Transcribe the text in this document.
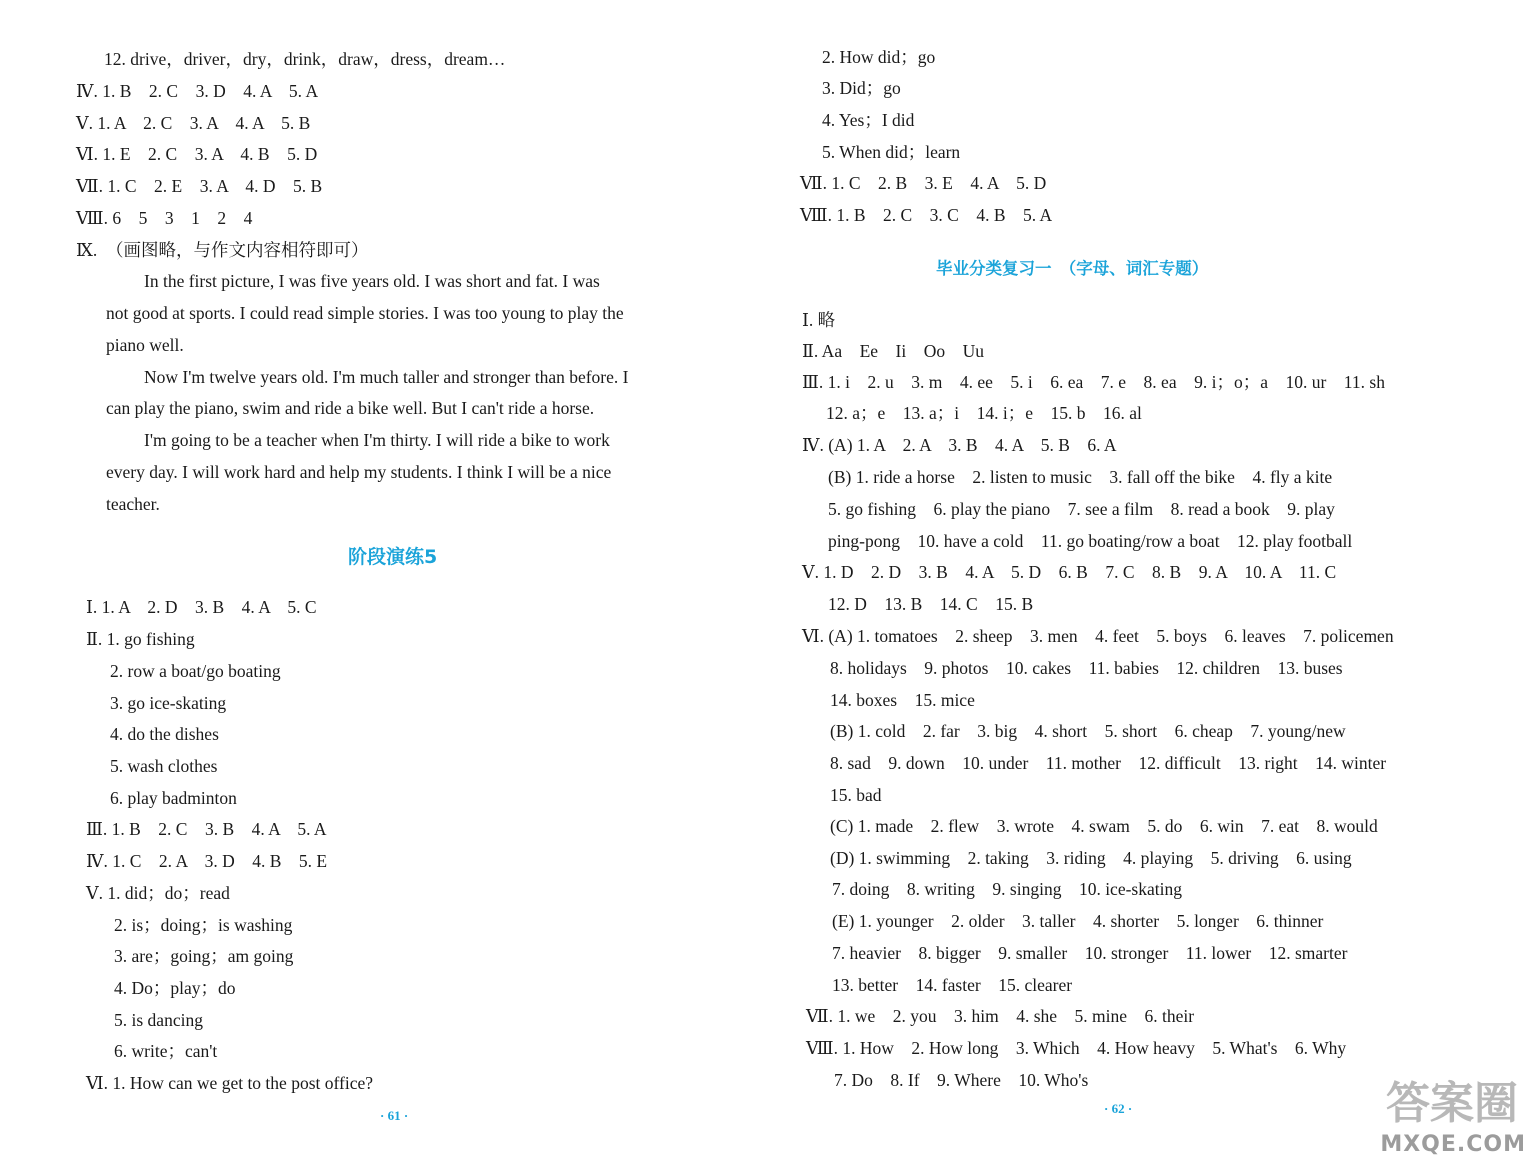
12. drive，driver，dry，drink，draw，dress，dream…
Ⅳ. 1. B　2. C　3. D　4. A　5. A
Ⅴ. 1. A　2. C　3. A　4. A　5. B
Ⅵ. 1. E　2. C　3. A　4. B　5. D
Ⅶ. 1. C　2. E　3. A　4. D　5. B
Ⅷ. 6　5　3　1　2　4
Ⅸ.　（画图略，与作文内容相符即可）
In the first picture, I was five years old. I was short and fat. I was
not good at sports. I could read simple stories. I was too young to play the
piano well.
Now I'm twelve years old. I'm much taller and stronger than before. I
can play the piano, swim and ride a bike well. But I can't ride a horse.
I'm going to be a teacher when I'm thirty. I will ride a bike to work
every day. I will work hard and help my students. I think I will be a nice
teacher.
阶段演练5
Ⅰ. 1. A　2. D　3. B　4. A　5. C
Ⅱ. 1. go fishing
2. row a boat/go boating
3. go ice-skating
4. do the dishes
5. wash clothes
6. play badminton
Ⅲ. 1. B　2. C　3. B　4. A　5. A
Ⅳ. 1. C　2. A　3. D　4. B　5. E
Ⅴ. 1. did；do；read
2. is；doing；is washing
3. are；going；am going
4. Do；play；do
5. is dancing
6. write；can't
Ⅵ. 1. How can we get to the post office?
· 61 ·
2. How did；go
3. Did；go
4. Yes；I did
5. When did；learn
Ⅶ. 1. C　2. B　3. E　4. A　5. D
Ⅷ. 1. B　2. C　3. C　4. B　5. A
毕业分类复习一　（字母、词汇专题）
Ⅰ. 略
Ⅱ. Aa　Ee　Ii　Oo　Uu
Ⅲ. 1. i　2. u　3. m　4. ee　5. i　6. ea　7. e　8. ea　9. i；o；a　10. ur　11. sh
12. a；e　13. a；i　14. i；e　15. b　16. al
Ⅳ. (A) 1. A　2. A　3. B　4. A　5. B　6. A
(B) 1. ride a horse　2. listen to music　3. fall off the bike　4. fly a kite
5. go fishing　6. play the piano　7. see a film　8. read a book　9. play
ping-pong　10. have a cold　11. go boating/row a boat　12. play football
Ⅴ. 1. D　2. D　3. B　4. A　5. D　6. B　7. C　8. B　9. A　10. A　11. C
12. D　13. B　14. C　15. B
Ⅵ. (A) 1. tomatoes　2. sheep　3. men　4. feet　5. boys　6. leaves　7. policemen
8. holidays　9. photos　10. cakes　11. babies　12. children　13. buses
14. boxes　15. mice
(B) 1. cold　2. far　3. big　4. short　5. short　6. cheap　7. young/new
8. sad　9. down　10. under　11. mother　12. difficult　13. right　14. winter
15. bad
(C) 1. made　2. flew　3. wrote　4. swam　5. do　6. win　7. eat　8. would
(D) 1. swimming　2. taking　3. riding　4. playing　5. driving　6. using
7. doing　8. writing　9. singing　10. ice-skating
(E) 1. younger　2. older　3. taller　4. shorter　5. longer　6. thinner
7. heavier　8. bigger　9. smaller　10. stronger　11. lower　12. smarter
13. better　14. faster　15. clearer
Ⅶ. 1. we　2. you　3. him　4. she　5. mine　6. their
Ⅷ. 1. How　2. How long　3. Which　4. How heavy　5. What's　6. Why
7. Do　8. If　9. Where　10. Who's
· 62 ·	答案圈
MXQE.COM
